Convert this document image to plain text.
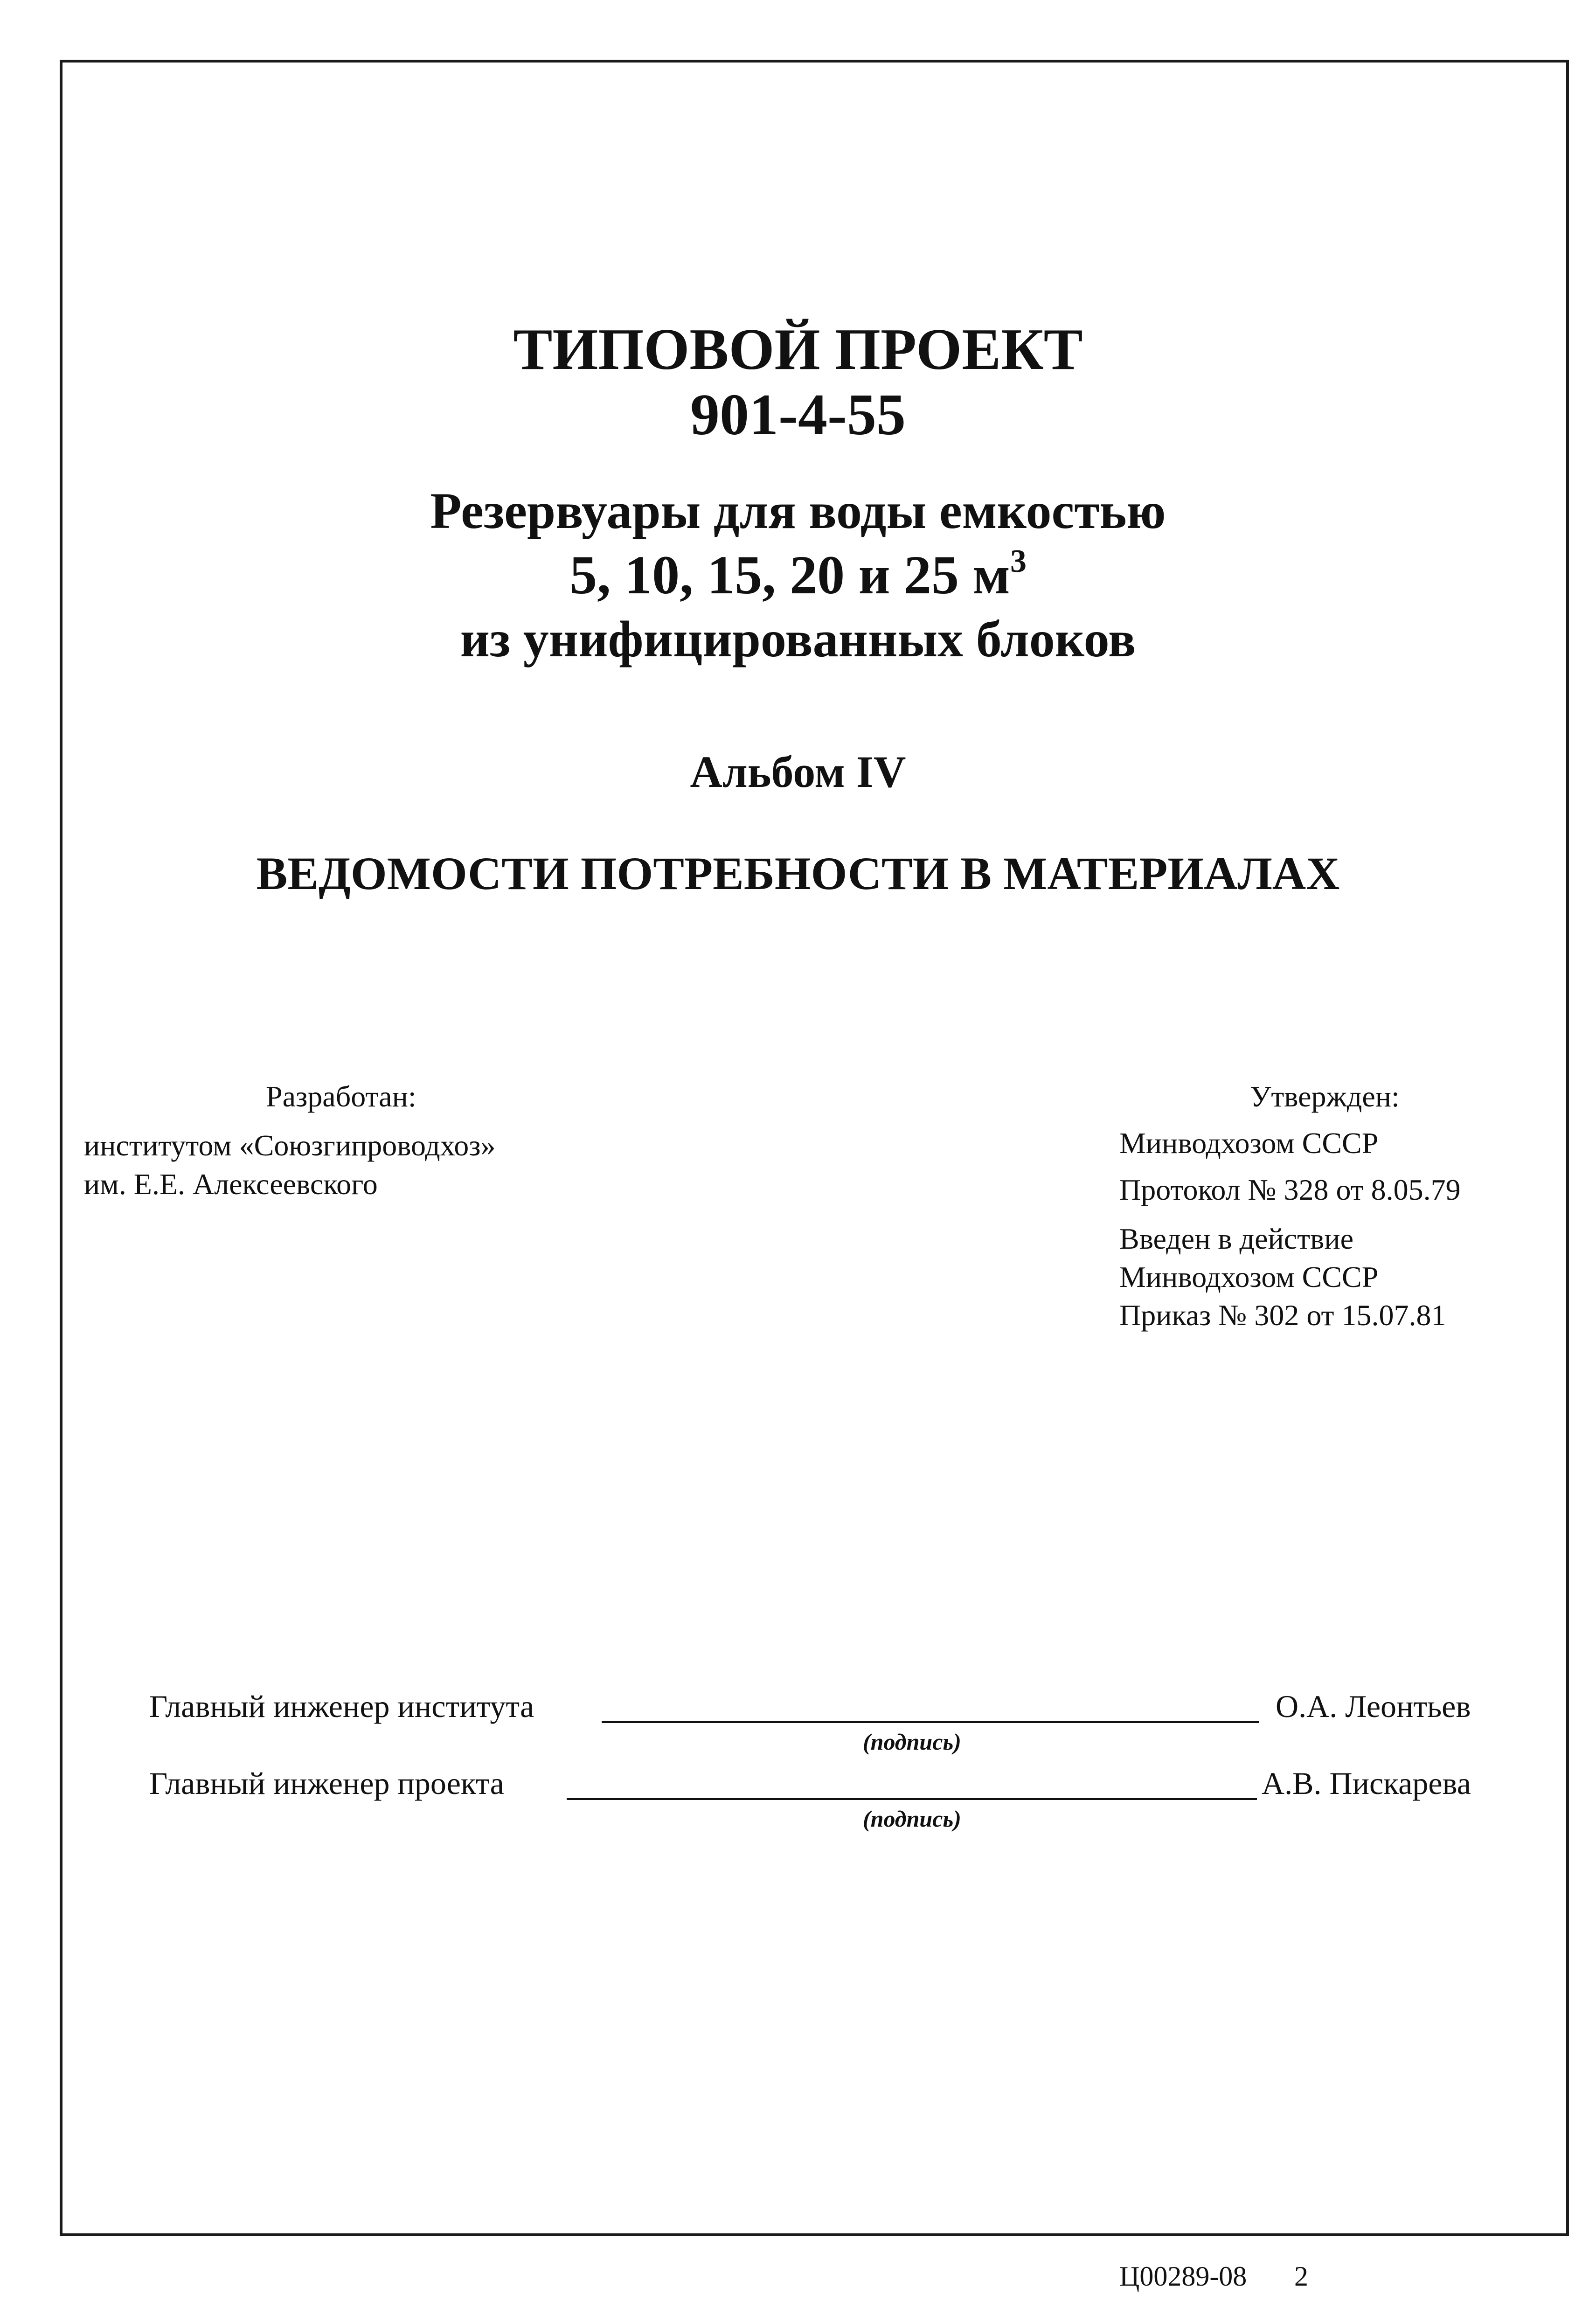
ТИПОВОЙ ПРОЕКТ
901-4-55
Резервуары для воды емкостью
5, 10, 15, 20 и 25 $м^3$
из унифицированных блоков
Альбом IV
ВЕДОМОСТИ ПОТРЕБНОСТИ В МАТЕРИАЛАХ
Разработан:
институтом «Союзгипроводхоз»
им. Е.Е. Алексеевского
Утвержден:
Минводхозом СССР
Протокол № 328 от 8.05.79
Введен в действие
Минводхозом СССР
Приказ № 302 от 15.07.81
Главный инженер института	О.А. Леонтьев
(подпись)
Главный инженер проекта	А.В. Пискарева
(подпись)
Ц00289-08 2
